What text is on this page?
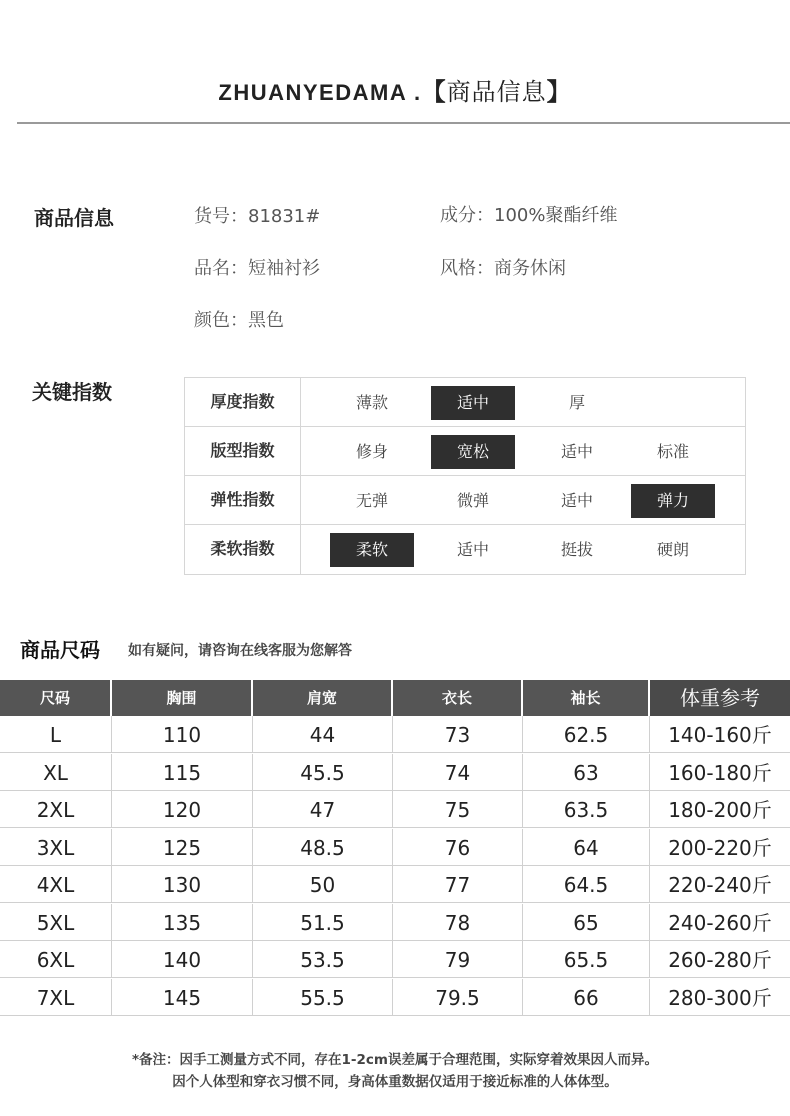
ZHUANYEDAMA .【商品信息】
商品信息	货号：81831#	成分：100%聚酯纤维
品名：短袖衬衫	风格：商务休闲
颜色：黑色
关键指数	厚度指数	薄款	适中	厚
版型指数	修身	宽松	适中	标准
弹性指数	无弹	微弹	适中	弹力
柔软指数	柔软	适中	挺拔	硬朗
商品尺码 如有疑问，请咨询在线客服为您解答
尺码	胸围	肩宽	衣长	袖长	体重参考
L	110	44	73	62.5	140-160斤
XL	115	45.5	74	63	160-180斤
2XL	120	47	75	63.5	180-200斤
3XL	125	48.5	76	64	200-220斤
4XL	130	50	77	64.5	220-240斤
5XL	135	51.5	78	65	240-260斤
6XL	140	53.5	79	65.5	260-280斤
7XL	145	55.5	79.5	66	280-300斤
*备注：因手工测量方式不同，存在1-2cm误差属于合理范围，实际穿着效果因人而异。
因个人体型和穿衣习惯不同，身高体重数据仅适用于接近标准的人体体型。
